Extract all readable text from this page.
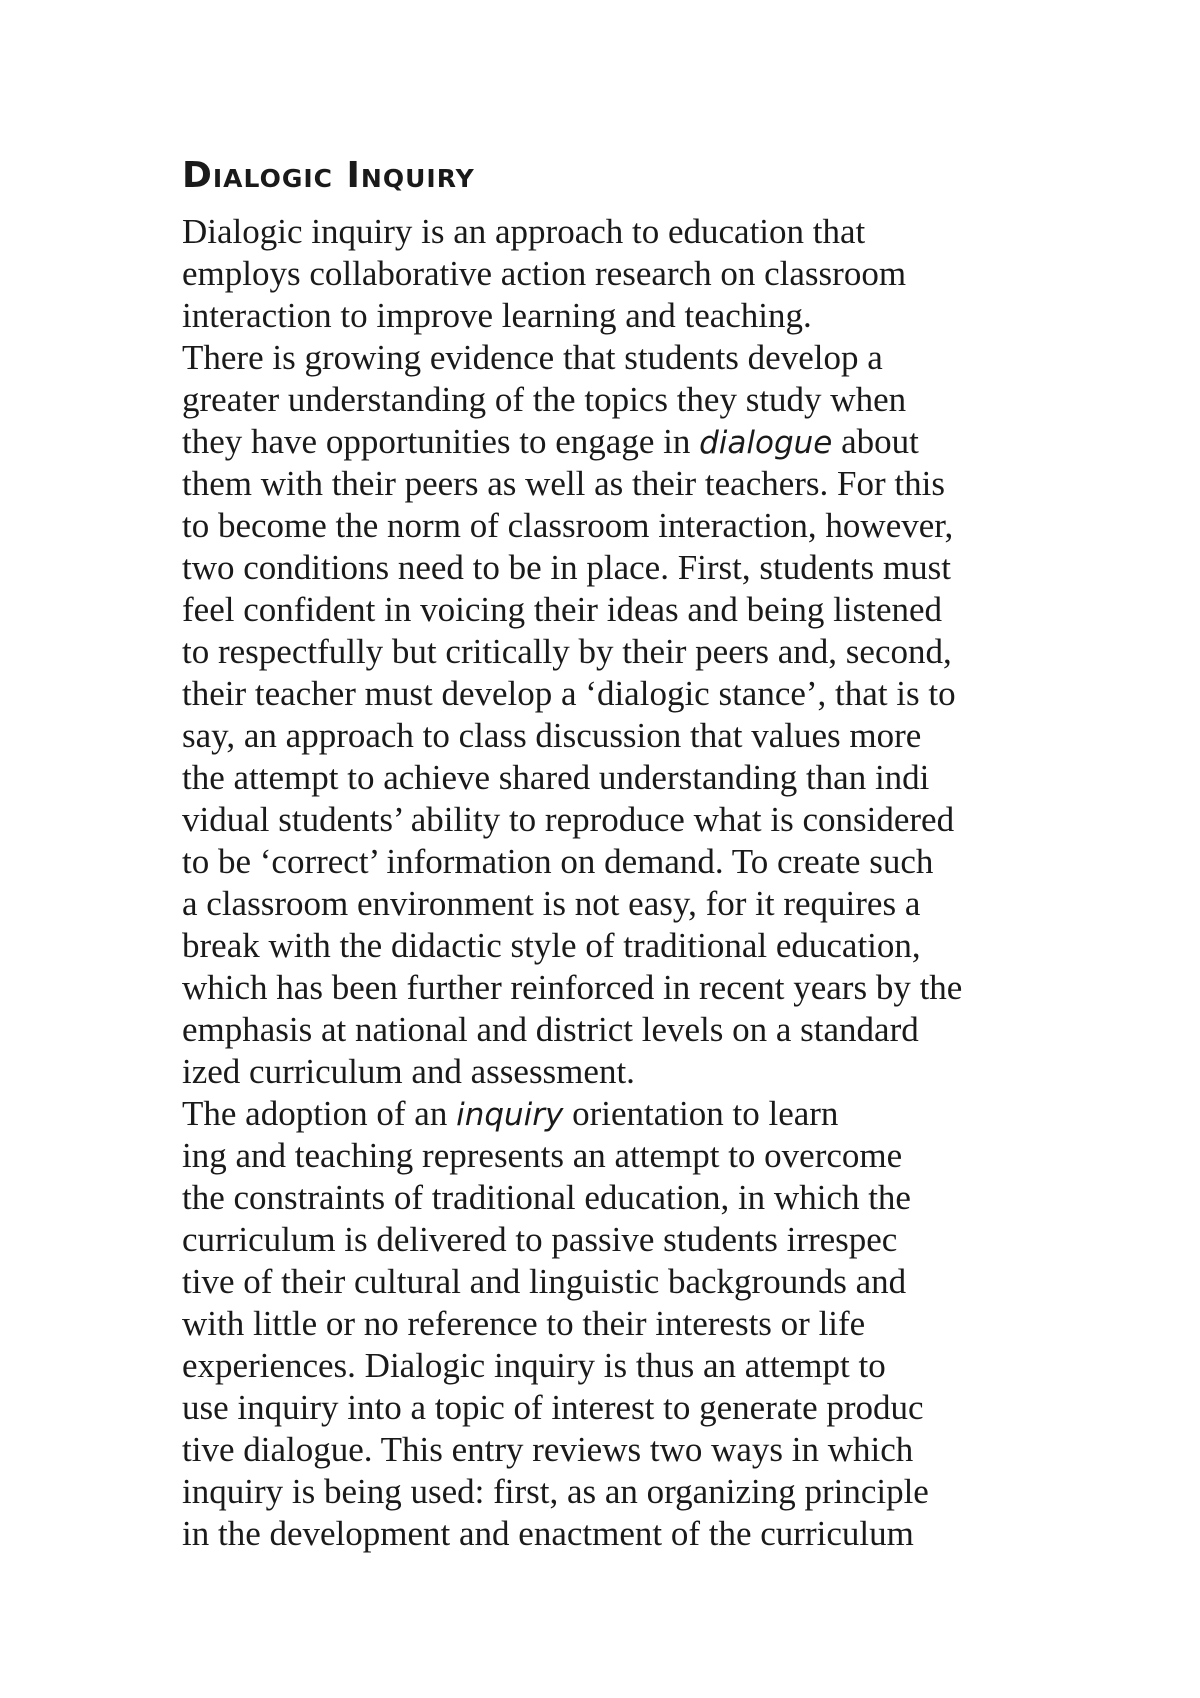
Dialogic Inquiry
Dialogic inquiry is an approach to education that
employs collaborative action research on classroom
interaction to improve learning and teaching.
There is growing evidence that students develop a
greater understanding of the topics they study when
they have opportunities to engage in dialogue about
them with their peers as well as their teachers. For this
to become the norm of classroom interaction, however,
two conditions need to be in place. First, students must
feel confident in voicing their ideas and being listened
to respectfully but critically by their peers and, second,
their teacher must develop a ‘dialogic stance’, that is to
say, an approach to class discussion that values more
the attempt to achieve shared understanding than indi
vidual students’ ability to reproduce what is considered
to be ‘correct’ information on demand. To create such
a classroom environment is not easy, for it requires a
break with the didactic style of traditional education,
which has been further reinforced in recent years by the
emphasis at national and district levels on a standard
ized curriculum and assessment.
The adoption of an inquiry orientation to learn
ing and teaching represents an attempt to overcome
the constraints of traditional education, in which the
curriculum is delivered to passive students irrespec
tive of their cultural and linguistic backgrounds and
with little or no reference to their interests or life
experiences. Dialogic inquiry is thus an attempt to
use inquiry into a topic of interest to generate produc
tive dialogue. This entry reviews two ways in which
inquiry is being used: first, as an organizing principle
in the development and enactment of the curriculum
